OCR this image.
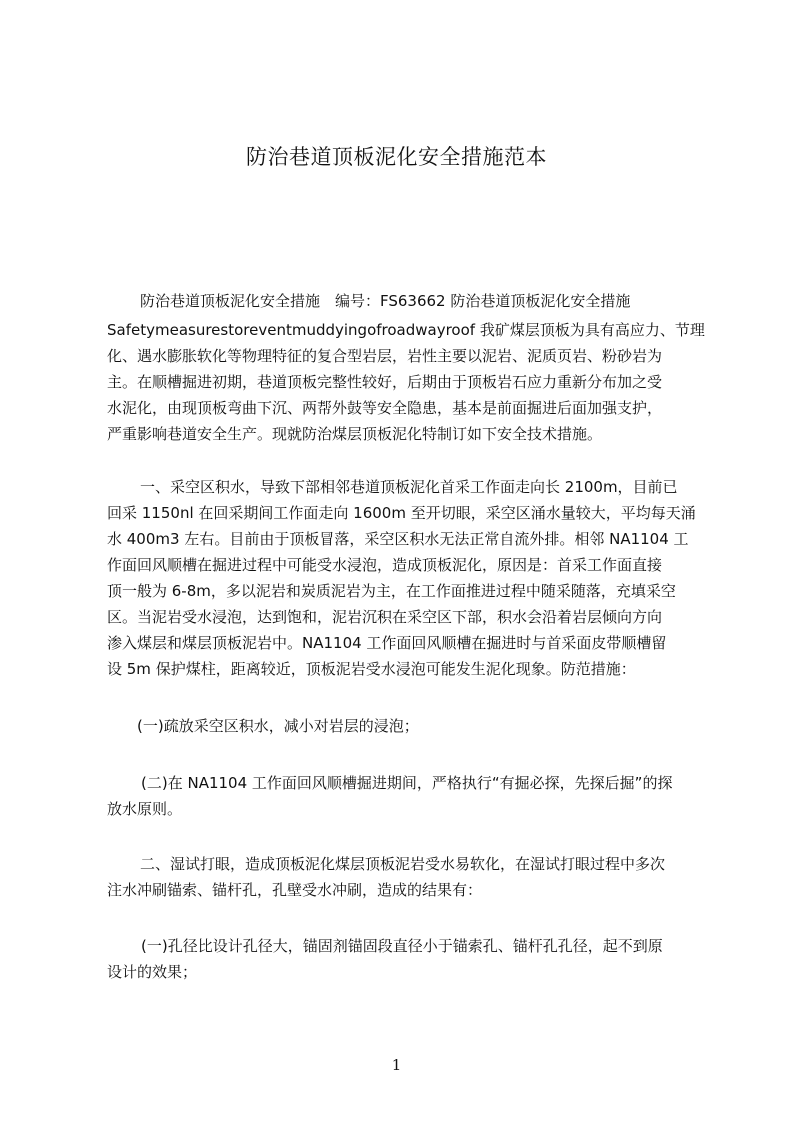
防治巷道顶板泥化安全措施范本
防治巷道顶板泥化安全措施　编号：FS63662 防治巷道顶板泥化安全措施
Safetymeasurestoreventmuddyingofroadwayroof 我矿煤层顶板为具有高应力、节理
化、遇水膨胀软化等物理特征的复合型岩层，岩性主要以泥岩、泥质页岩、粉砂岩为
主。在顺槽掘进初期，巷道顶板完整性较好，后期由于顶板岩石应力重新分布加之受
水泥化，由现顶板弯曲下沉、两帮外鼓等安全隐患，基本是前面掘进后面加强支护，
严重影响巷道安全生产。现就防治煤层顶板泥化特制订如下安全技术措施。
一、采空区积水，导致下部相邻巷道顶板泥化首采工作面走向长 2100m，目前已
回采 1150nl 在回采期间工作面走向 1600m 至开切眼，采空区涌水量较大，平均每天涌
水 400m3 左右。目前由于顶板冒落，采空区积水无法正常自流外排。相邻 NA1104 工
作面回风顺槽在掘进过程中可能受水浸泡，造成顶板泥化，原因是：首采工作面直接
顶一般为 6-8m，多以泥岩和炭质泥岩为主，在工作面推进过程中随采随落，充填采空
区。当泥岩受水浸泡，达到饱和，泥岩沉积在采空区下部，积水会沿着岩层倾向方向
渗入煤层和煤层顶板泥岩中。NA1104 工作面回风顺槽在掘进时与首采面皮带顺槽留
设 5m 保护煤柱，距离较近，顶板泥岩受水浸泡可能发生泥化现象。防范措施：
(一)疏放采空区积水，减小对岩层的浸泡；
(二)在 NA1104 工作面回风顺槽掘进期间，严格执行“有掘必探，先探后掘”的探
放水原则。
二、湿试打眼，造成顶板泥化煤层顶板泥岩受水易软化，在湿试打眼过程中多次
注水冲刷锚索、锚杆孔，孔壁受水冲刷，造成的结果有：
(一)孔径比设计孔径大，锚固剂锚固段直径小于锚索孔、锚杆孔孔径，起不到原
设计的效果；
1
